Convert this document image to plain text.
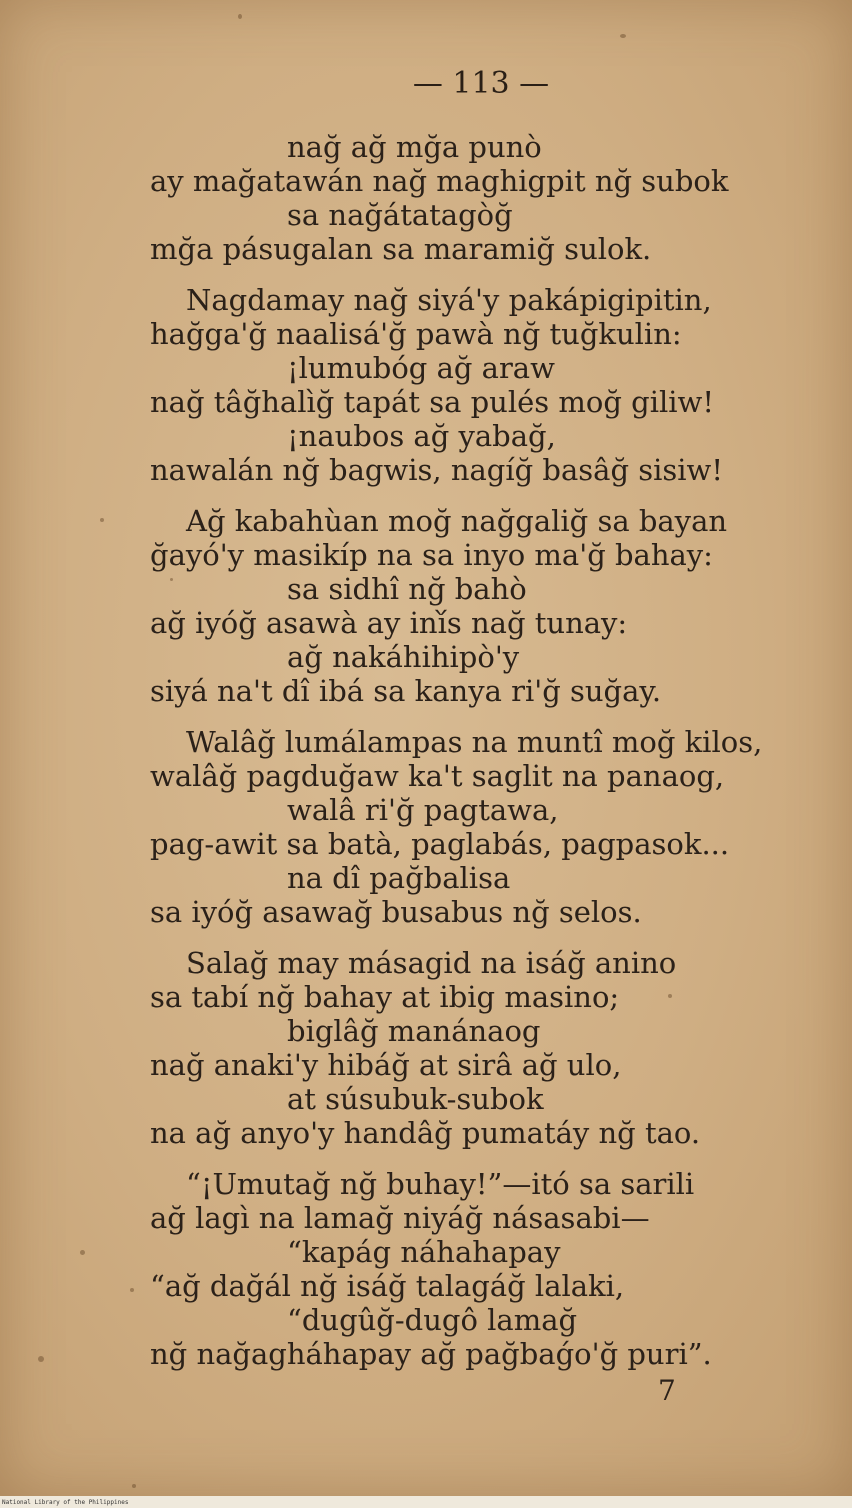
— 113 —
nağ ağ mğa punò
ay mağatawán nağ maghigpit nğ subok
sa nağátatagòğ
mğa pásugalan sa maramiğ sulok.
Nagdamay nağ siyá'y pakápigipitin,
hağga'ğ naalisá'ğ pawà nğ tuğkulin:
¡lumubóg ağ araw
nağ tâğhalìğ tapát sa pulés moğ giliw!
¡naubos ağ yabağ,
nawalán nğ bagwis, nagíğ basâğ sisiw!
Ağ kabahùan moğ nağgaliğ sa bayan
ğayó'y masikíp na sa inyo ma'ğ bahay:
sa sidhî nğ bahò
ağ iyóğ asawà ay iní̀s nağ tunay:
ağ nakáhihipò'y
siyá na't dî ibá sa kanya ri'ğ suğay.
Walâğ lumálampas na muntî moğ kilos,
walâğ pagduğaw ka't saglit na panaog,
walâ ri'ğ pagtawa,
pag-awit sa batà, paglabás, pagpasok...
na dî pağbalisa
sa iyóğ asawağ busabus nğ selos.
Salağ may másagid na isáğ anino
sa tabí nğ bahay at ibig masino;
biglâğ manánaog
nağ anaki'y hibáğ at sirâ ağ ulo,
at súsubuk-subok
na ağ anyo'y handâğ pumatáy nğ tao.
“¡Umutağ nğ buhay!”—itó sa sarili
ağ lagì na lamağ niyáğ násasabi—
“kapág náhahapay
“ağ dağál nğ isáğ talagáğ lalaki,
“dugûğ-dugô lamağ
nğ nağagháhapay ağ pağbaǵo'ğ puri”.
7
National Library of the Philippines
